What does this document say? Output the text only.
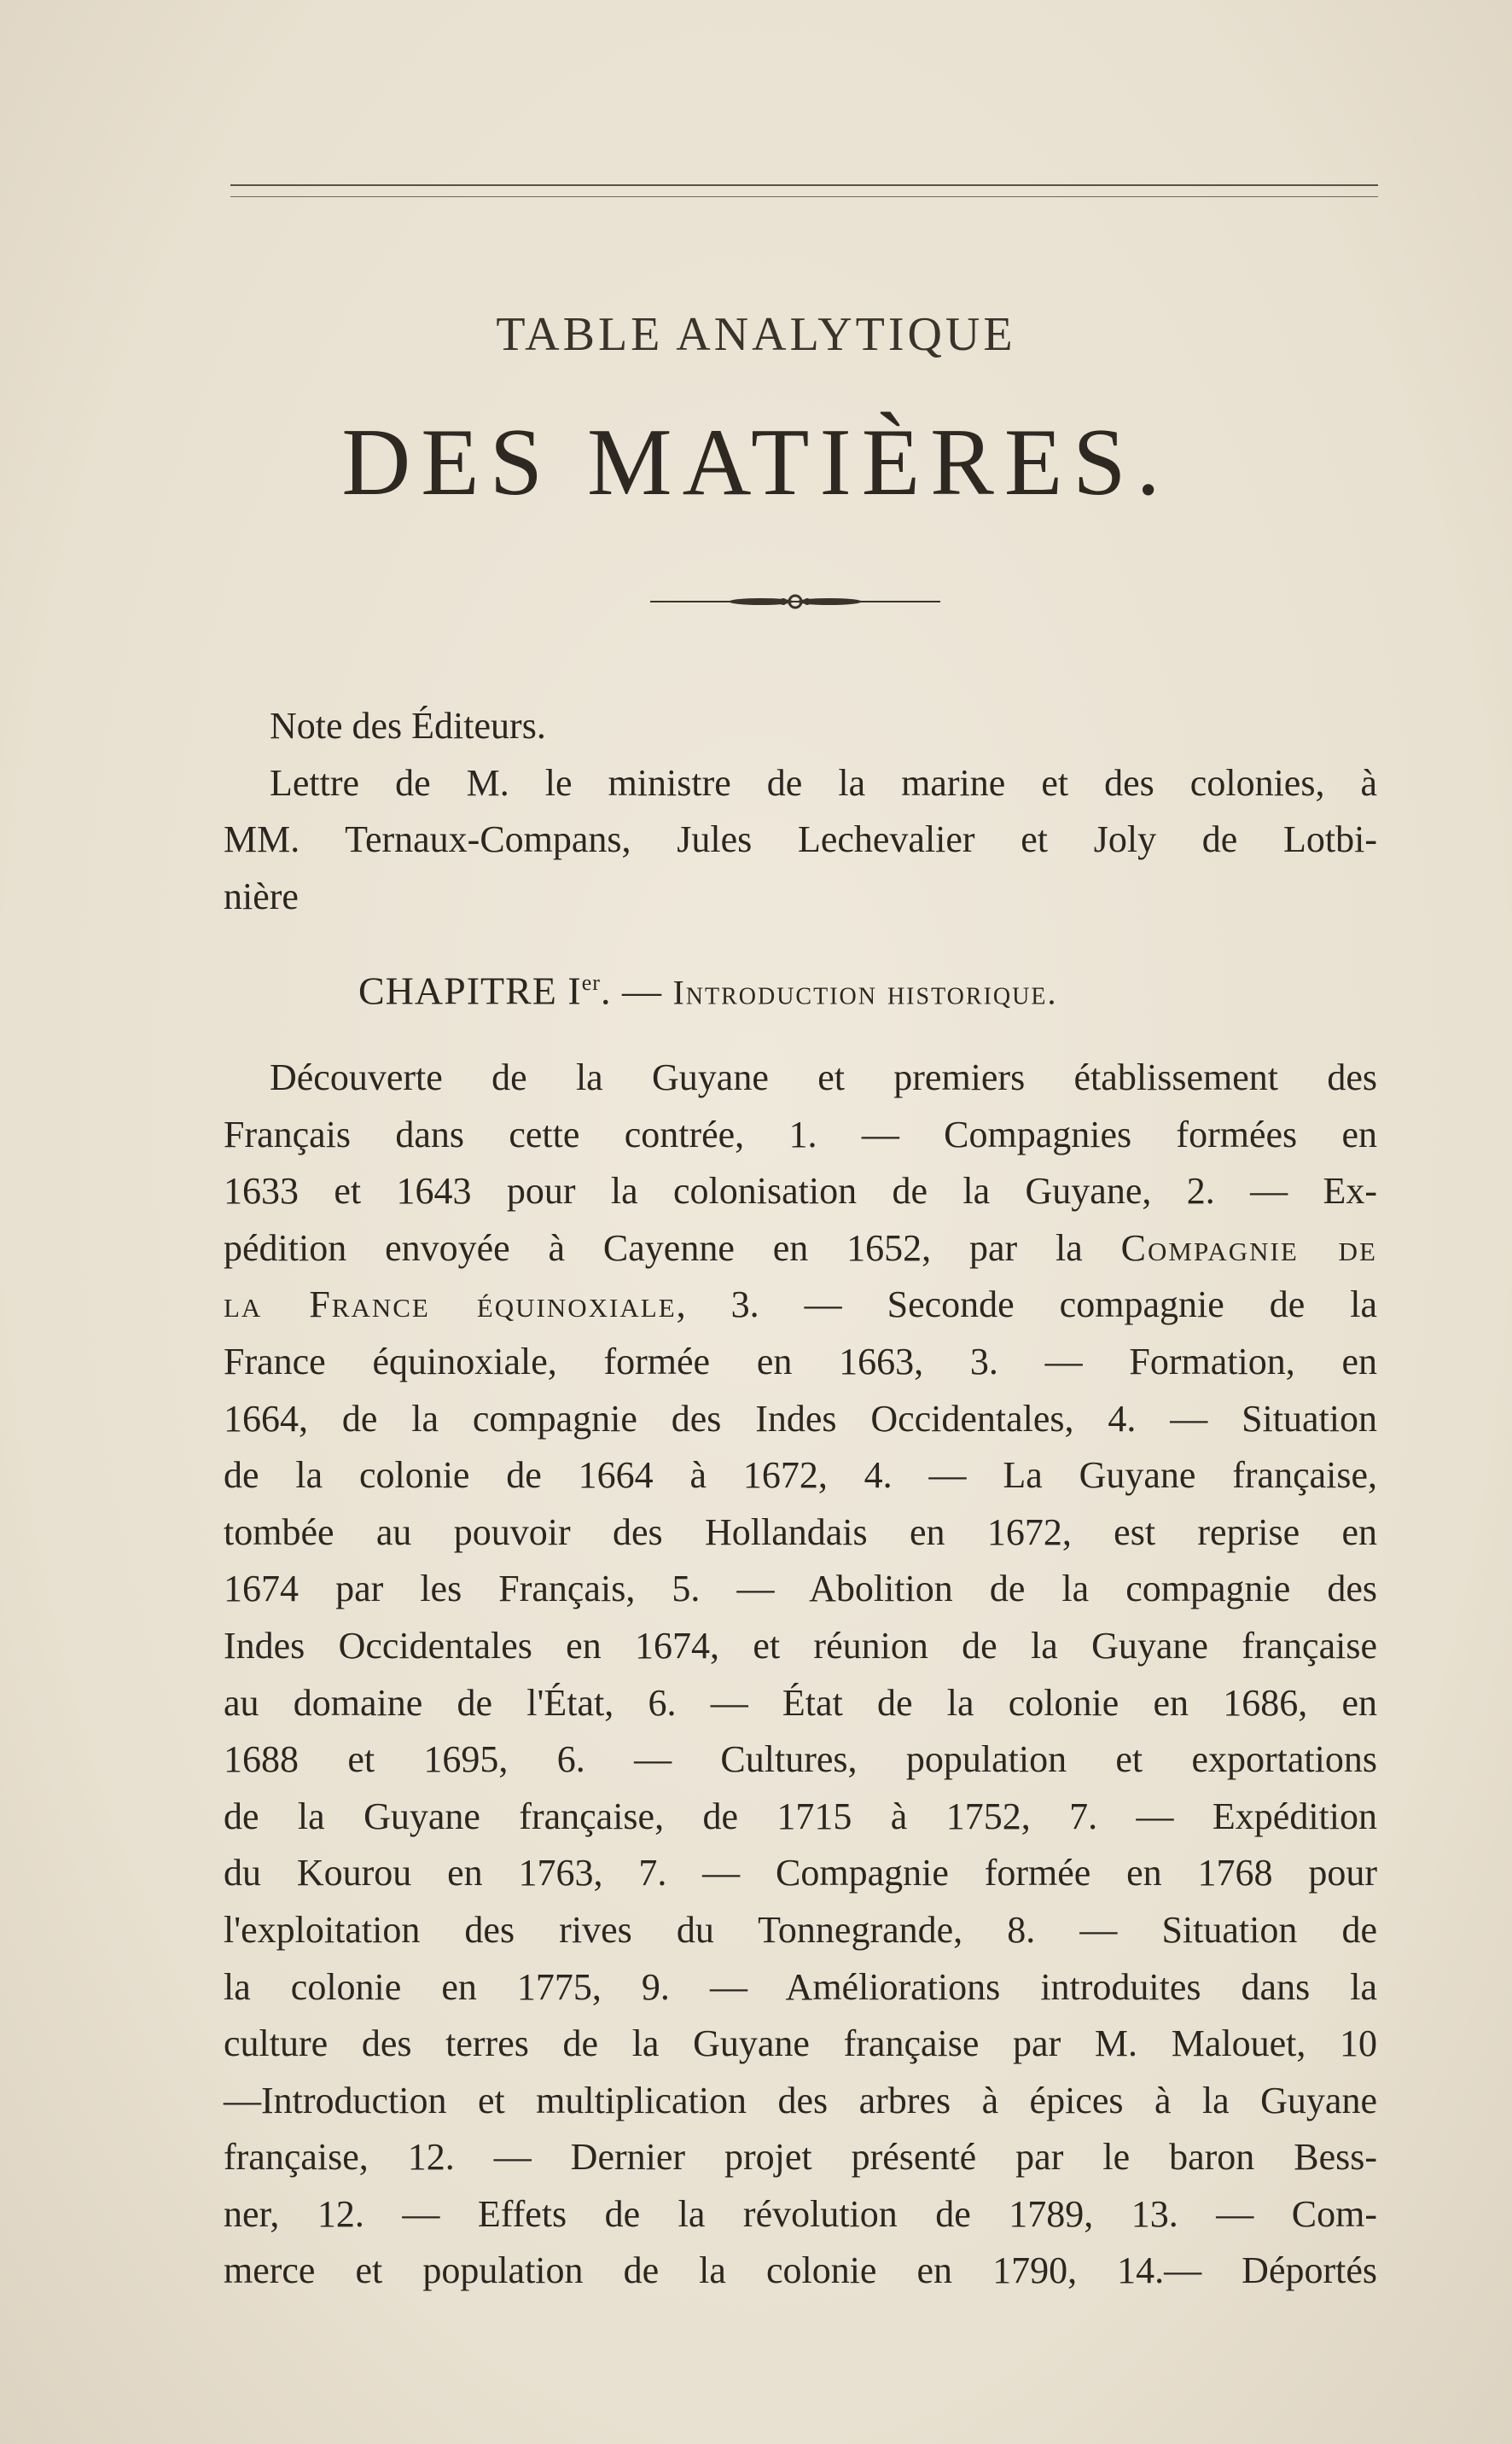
TABLE ANALYTIQUE
DES MATIÈRES.
Note des Éditeurs.
Lettre de M. le ministre de la marine et des colonies, à
MM. Ternaux-Compans, Jules Lechevalier et Joly de Lotbi-
nière
CHAPITRE Ier. — Introduction historique.
Découverte de la Guyane et premiers établissement des
Français dans cette contrée, 1. — Compagnies formées en
1633 et 1643 pour la colonisation de la Guyane, 2. — Ex-
pédition envoyée à Cayenne en 1652, par la Compagnie de
la France équinoxiale, 3. — Seconde compagnie de la
France équinoxiale, formée en 1663, 3. — Formation, en
1664, de la compagnie des Indes Occidentales, 4. — Situation
de la colonie de 1664 à 1672, 4. — La Guyane française,
tombée au pouvoir des Hollandais en 1672, est reprise en
1674 par les Français, 5. — Abolition de la compagnie des
Indes Occidentales en 1674, et réunion de la Guyane française
au domaine de l'État, 6. — État de la colonie en 1686, en
1688 et 1695, 6. — Cultures, population et exportations
de la Guyane française, de 1715 à 1752, 7. — Expédition
du Kourou en 1763, 7. — Compagnie formée en 1768 pour
l'exploitation des rives du Tonnegrande, 8. — Situation de
la colonie en 1775, 9. — Améliorations introduites dans la
culture des terres de la Guyane française par M. Malouet, 10
—Introduction et multiplication des arbres à épices à la Guyane
française, 12. — Dernier projet présenté par le baron Bess-
ner, 12. — Effets de la révolution de 1789, 13. — Com-
merce et population de la colonie en 1790, 14.— Déportés
